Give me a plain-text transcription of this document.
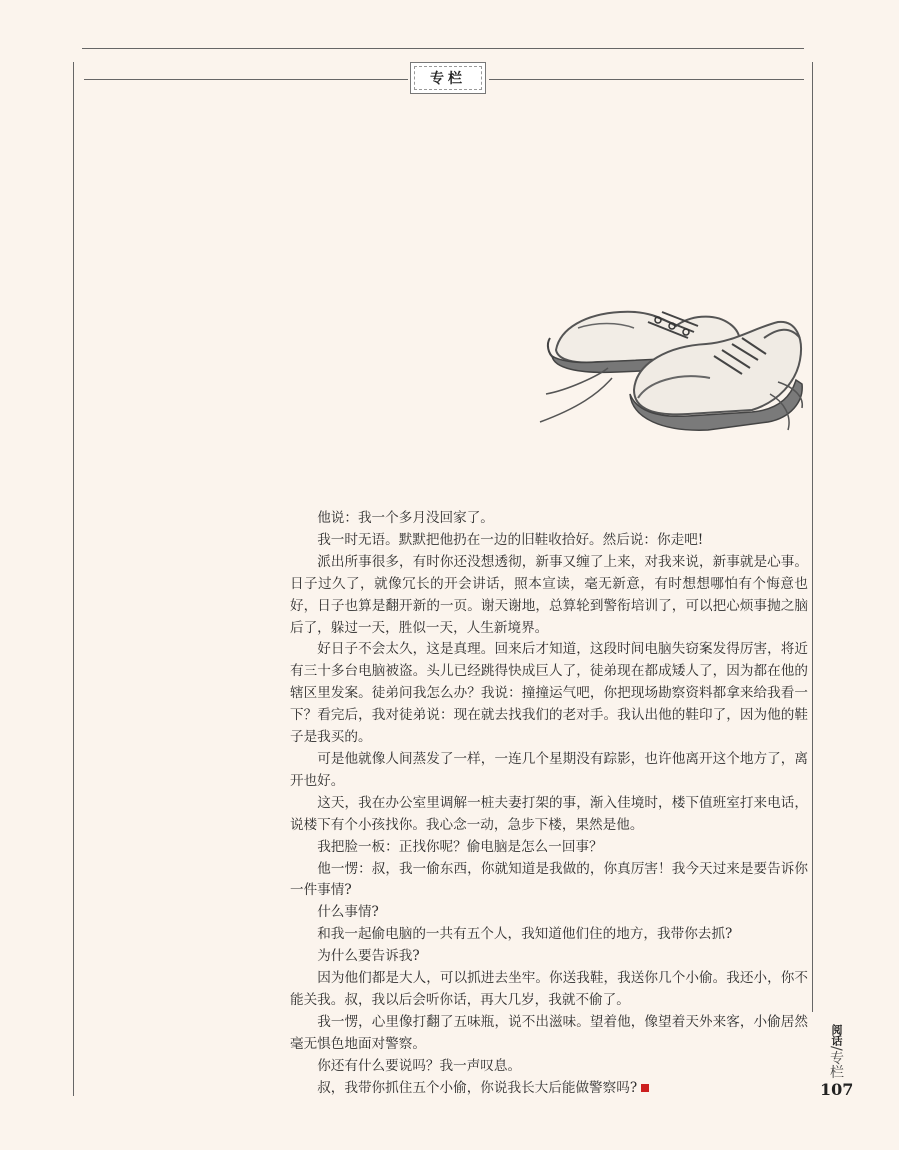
专栏

他说：我一个多月没回家了。

我一时无语。默默把他扔在一边的旧鞋收拾好。然后说：你走吧!

派出所事很多，有时你还没想透彻，新事又缠了上来，对我来说，新事就是心事。日子过久了，就像冗长的开会讲话，照本宣读，毫无新意，有时想想哪怕有个悔意也好，日子也算是翻开新的一页。谢天谢地，总算轮到警衔培训了，可以把心烦事抛之脑后了，躲过一天，胜似一天，人生新境界。

好日子不会太久，这是真理。回来后才知道，这段时间电脑失窃案发得厉害，将近有三十多台电脑被盗。头儿已经跳得快成巨人了，徒弟现在都成矮人了，因为都在他的辖区里发案。徒弟问我怎么办？我说：撞撞运气吧，你把现场勘察资料都拿来给我看一下？看完后，我对徒弟说：现在就去找我们的老对手。我认出他的鞋印了，因为他的鞋子是我买的。

可是他就像人间蒸发了一样，一连几个星期没有踪影，也许他离开这个地方了，离开也好。

这天，我在办公室里调解一桩夫妻打架的事，渐入佳境时，楼下值班室打来电话，说楼下有个小孩找你。我心念一动，急步下楼，果然是他。

我把脸一板：正找你呢？偷电脑是怎么一回事？

他一愣：叔，我一偷东西，你就知道是我做的，你真厉害！我今天过来是要告诉你一件事情?

什么事情?

和我一起偷电脑的一共有五个人，我知道他们住的地方，我带你去抓?

为什么要告诉我?

因为他们都是大人，可以抓进去坐牢。你送我鞋，我送你几个小偷。我还小，你不能关我。叔，我以后会听你话，再大几岁，我就不偷了。

我一愣，心里像打翻了五味瓶，说不出滋味。望着他，像望着天外来客，小偷居然毫无惧色地面对警察。

你还有什么要说吗？我一声叹息。

叔，我带你抓住五个小偷，你说我长大后能做警察吗?

阅话/专栏
107
